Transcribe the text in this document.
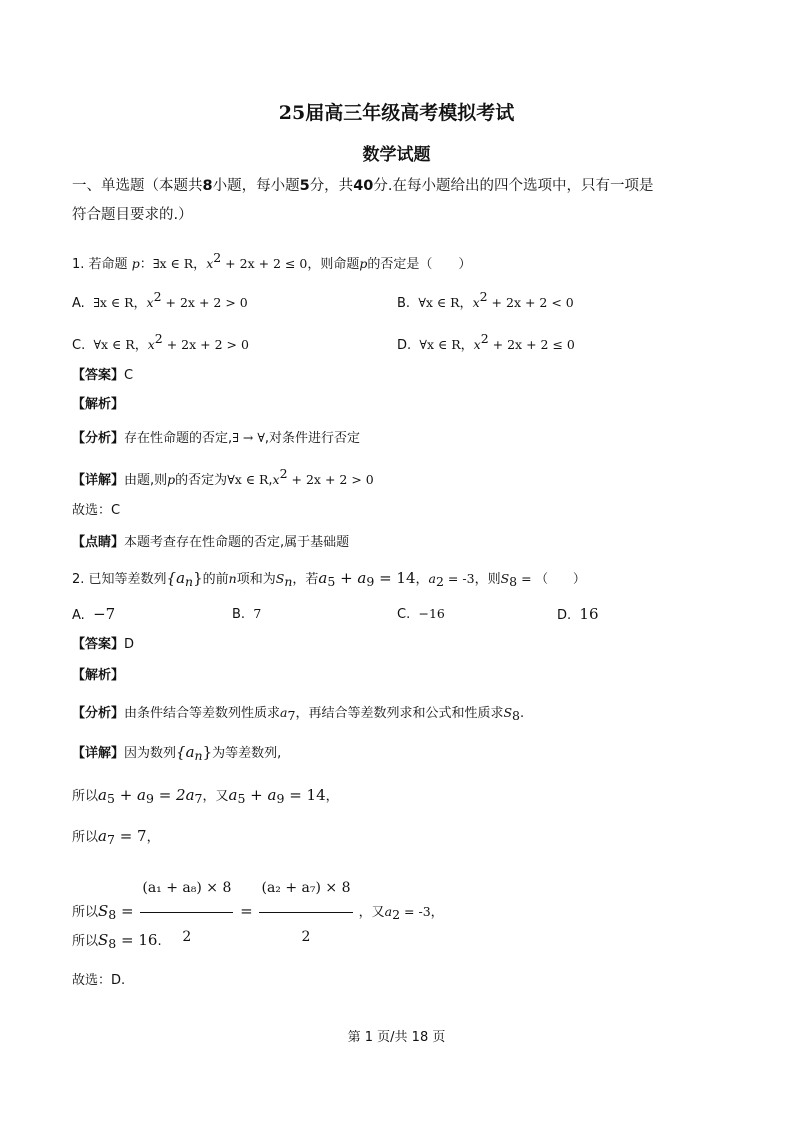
25届高三年级高考模拟考试
数学试题
一、单选题（本题共8小题，每小题5分，共40分.在每小题给出的四个选项中，只有一项是
符合题目要求的.）
1. 若命题 p：∃x ∈ R，$x^2 + 2x + 2 \le 0$，则命题p的否定是（　　）
A. ∃x ∈ R，$x^2 + 2x + 2 > 0$	B. ∀x ∈ R，$x^2 + 2x + 2 < 0$
C. ∀x ∈ R，$x^2 + 2x + 2 > 0$	D. ∀x ∈ R，$x^2 + 2x + 2 \le 0$
【答案】C
【解析】
【分析】存在性命题的否定,∃ → ∀,对条件进行否定
【详解】由题,则p的否定为∀x ∈ $R,x^2 + 2x + 2 > 0$
故选：C
【点睛】本题考查存在性命题的否定,属于基础题
2. 已知等差数列$\{a_n\}$的前n项和为$S_n$，若$a_5 + a_9 = 14$，$a_2 = -3$，则$S_8$ = （　　）
A. −7	B. 7	C. −16	D. 16
【答案】D
【解析】
【分析】由条件结合等差数列性质求$a_7$，再结合等差数列求和公式和性质求$S_8$.
【详解】因为数列$\{a_n\}$为等差数列,
所以$a_5 + a_9 = 2a_7$，又$a_5 + a_9 = 14$，
所以$a_7 = 7$，
所以$S_8 = \frac{\text{(a₁ + a₈) × 8}}{2} = \frac{\text{(a₂ + a₇) × 8}}{2}$ ，又$a_2 = -3$，
所以$S_8 = 16$.
故选：D.
第 1 页/共 18 页
